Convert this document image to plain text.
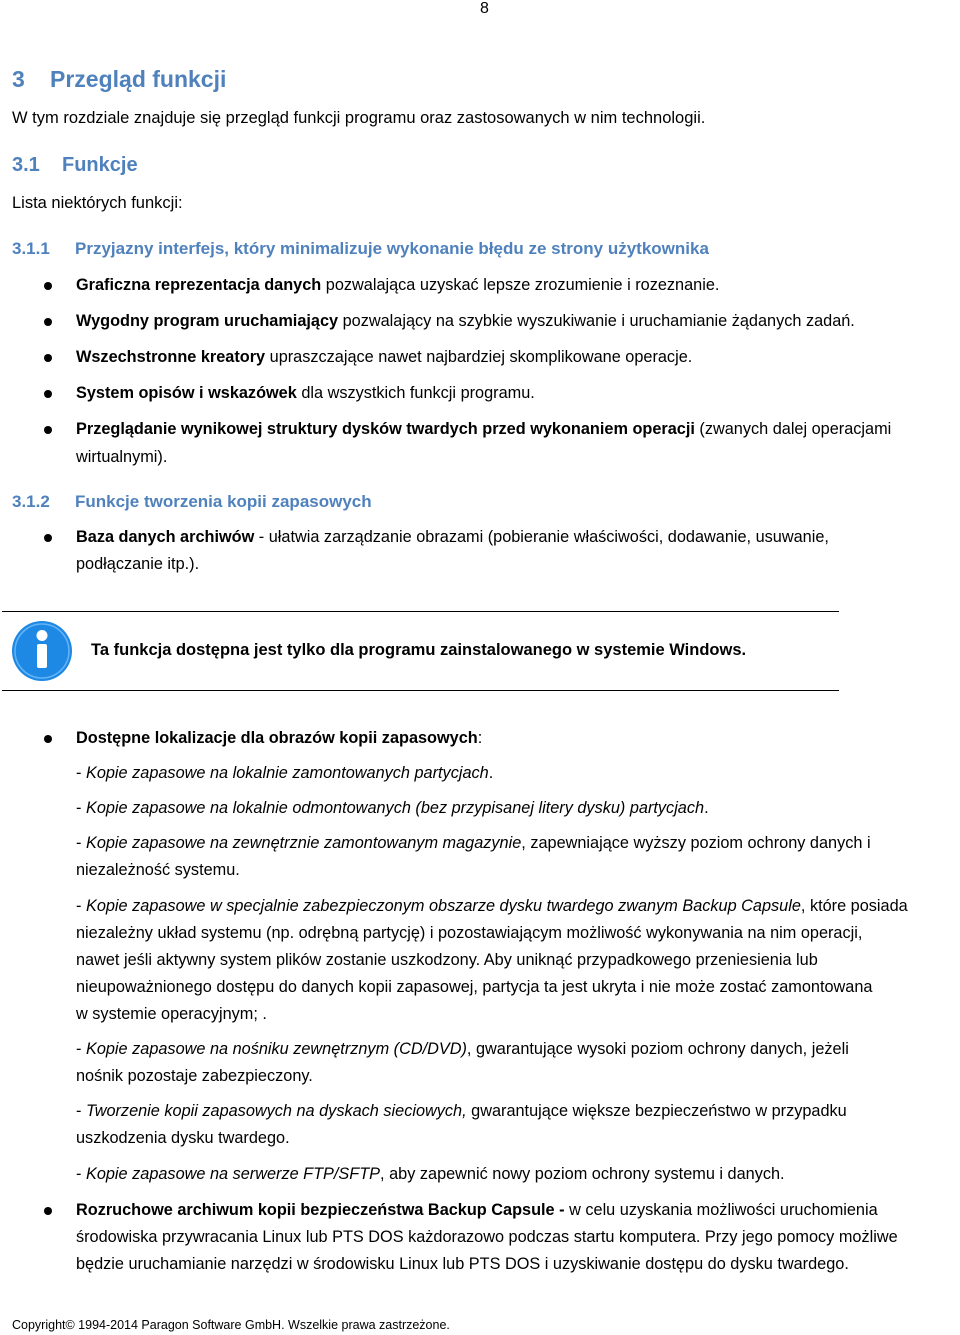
8
3 Przegląd funkcji
W tym rozdziale znajduje się przegląd funkcji programu oraz zastosowanych w nim technologii.
3.1 Funkcje
Lista niektórych funkcji:
3.1.1 Przyjazny interfejs, który minimalizuje wykonanie błędu ze strony użytkownika
Graficzna reprezentacja danych pozwalająca uzyskać lepsze zrozumienie i rozeznanie.
Wygodny program uruchamiający pozwalający na szybkie wyszukiwanie i uruchamianie żądanych zadań.
Wszechstronne kreatory upraszczające nawet najbardziej skomplikowane operacje.
System opisów i wskazówek dla wszystkich funkcji programu.
Przeglądanie wynikowej struktury dysków twardych przed wykonaniem operacji (zwanych dalej operacjami
wirtualnymi).
3.1.2 Funkcje tworzenia kopii zapasowych
Baza danych archiwów - ułatwia zarządzanie obrazami (pobieranie właściwości, dodawanie, usuwanie,
podłączanie itp.).
Ta funkcja dostępna jest tylko dla programu zainstalowanego w systemie Windows.
Dostępne lokalizacje dla obrazów kopii zapasowych:
- Kopie zapasowe na lokalnie zamontowanych partycjach.
- Kopie zapasowe na lokalnie odmontowanych (bez przypisanej litery dysku) partycjach.
- Kopie zapasowe na zewnętrznie zamontowanym magazynie, zapewniające wyższy poziom ochrony danych i
niezależność systemu.
- Kopie zapasowe w specjalnie zabezpieczonym obszarze dysku twardego zwanym Backup Capsule, które posiada
niezależny układ systemu (np. odrębną partycję) i pozostawiającym możliwość wykonywania na nim operacji,
nawet jeśli aktywny system plików zostanie uszkodzony. Aby uniknąć przypadkowego przeniesienia lub
nieupoważnionego dostępu do danych kopii zapasowej, partycja ta jest ukryta i nie może zostać zamontowana
w systemie operacyjnym; .
- Kopie zapasowe na nośniku zewnętrznym (CD/DVD), gwarantujące wysoki poziom ochrony danych, jeżeli
nośnik pozostaje zabezpieczony.
- Tworzenie kopii zapasowych na dyskach sieciowych, gwarantujące większe bezpieczeństwo w przypadku
uszkodzenia dysku twardego.
- Kopie zapasowe na serwerze FTP/SFTP, aby zapewnić nowy poziom ochrony systemu i danych.
Rozruchowe archiwum kopii bezpieczeństwa Backup Capsule - w celu uzyskania możliwości uruchomienia
środowiska przywracania Linux lub PTS DOS każdorazowo podczas startu komputera. Przy jego pomocy możliwe
będzie uruchamianie narzędzi w środowisku Linux lub PTS DOS i uzyskiwanie dostępu do dysku twardego.
Copyright© 1994-2014 Paragon Software GmbH. Wszelkie prawa zastrzeżone.
